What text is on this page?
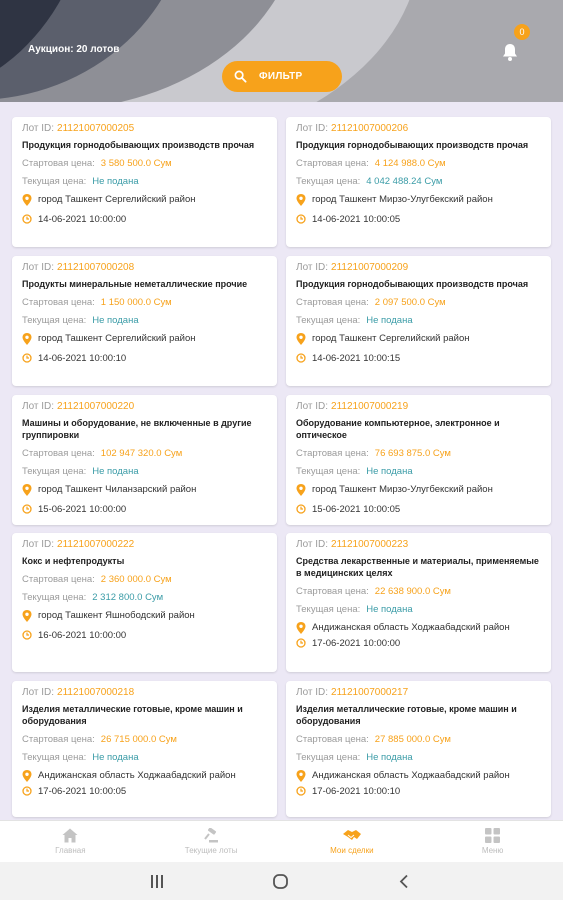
Аукцион: 20 лотов
0
ФИЛЬТР
Лот ID: 21121007000205
Продукция горнодобывающих производств прочая
Стартовая цена: 3 580 500.0 Сум
Текущая цена: Не подана
город Ташкент Сергелийский район
14-06-2021 10:00:00
Лот ID: 21121007000206
Продукция горнодобывающих производств прочая
Стартовая цена: 4 124 988.0 Сум
Текущая цена: 4 042 488.24 Сум
город Ташкент Мирзо-Улугбекский район
14-06-2021 10:00:05
Лот ID: 21121007000208
Продукты минеральные неметаллические прочие
Стартовая цена: 1 150 000.0 Сум
Текущая цена: Не подана
город Ташкент Сергелийский район
14-06-2021 10:00:10
Лот ID: 21121007000209
Продукция горнодобывающих производств прочая
Стартовая цена: 2 097 500.0 Сум
Текущая цена: Не подана
город Ташкент Сергелийский район
14-06-2021 10:00:15
Лот ID: 21121007000220
Машины и оборудование, не включенные в другие группировки
Стартовая цена: 102 947 320.0 Сум
Текущая цена: Не подана
город Ташкент Чиланзарский район
15-06-2021 10:00:00
Лот ID: 21121007000219
Оборудование компьютерное, электронное и оптическое
Стартовая цена: 76 693 875.0 Сум
Текущая цена: Не подана
город Ташкент Мирзо-Улугбекский район
15-06-2021 10:00:05
Лот ID: 21121007000222
Кокс и нефтепродукты
Стартовая цена: 2 360 000.0 Сум
Текущая цена: 2 312 800.0 Сум
город Ташкент Яшнободский район
16-06-2021 10:00:00
Лот ID: 21121007000223
Средства лекарственные и материалы, применяемые в медицинских целях
Стартовая цена: 22 638 900.0 Сум
Текущая цена: Не подана
Андижанская область Ходжаабадский район
17-06-2021 10:00:00
Лот ID: 21121007000218
Изделия металлические готовые, кроме машин и оборудования
Стартовая цена: 26 715 000.0 Сум
Текущая цена: Не подана
Андижанская область Ходжаабадский район
17-06-2021 10:00:05
Лот ID: 21121007000217
Изделия металлические готовые, кроме машин и оборудования
Стартовая цена: 27 885 000.0 Сум
Текущая цена: Не подана
Андижанская область Ходжаабадский район
17-06-2021 10:00:10
Главная	Текущие лоты	Мои сделки	Меню
